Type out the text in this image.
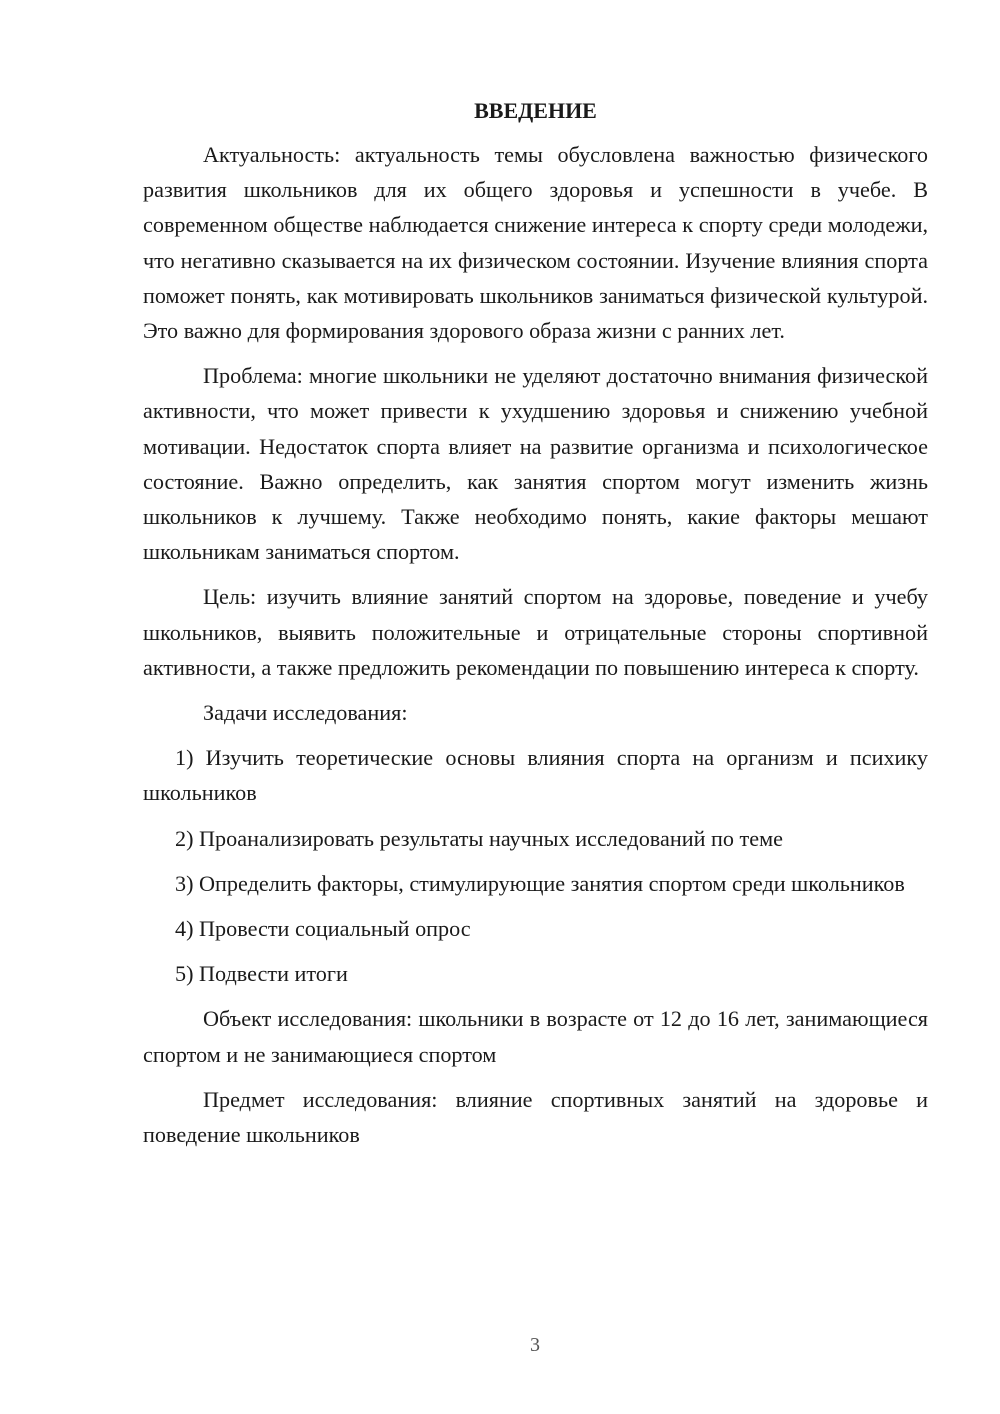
ВВЕДЕНИЕ

Актуальность: актуальность темы обусловлена важностью физического развития школьников для их общего здоровья и успешности в учебе. В современном обществе наблюдается снижение интереса к спорту среди молодежи, что негативно сказывается на их физическом состоянии. Изучение влияния спорта поможет понять, как мотивировать школьников заниматься физической культурой. Это важно для формирования здорового образа жизни с ранних лет.

Проблема: многие школьники не уделяют достаточно внимания физической активности, что может привести к ухудшению здоровья и снижению учебной мотивации. Недостаток спорта влияет на развитие организма и психологическое состояние. Важно определить, как занятия спортом могут изменить жизнь школьников к лучшему. Также необходимо понять, какие факторы мешают школьникам заниматься спортом.

Цель: изучить влияние занятий спортом на здоровье, поведение и учебу школьников, выявить положительные и отрицательные стороны спортивной активности, а также предложить рекомендации по повышению интереса к спорту.

Задачи исследования:

1) Изучить теоретические основы влияния спорта на организм и психику школьников

2) Проанализировать результаты научных исследований по теме

3) Определить факторы, стимулирующие занятия спортом среди школьников

4) Провести социальный опрос

5) Подвести итоги

Объект исследования: школьники в возрасте от 12 до 16 лет, занимающиеся спортом и не занимающиеся спортом

Предмет исследования: влияние спортивных занятий на здоровье и поведение школьников

3
